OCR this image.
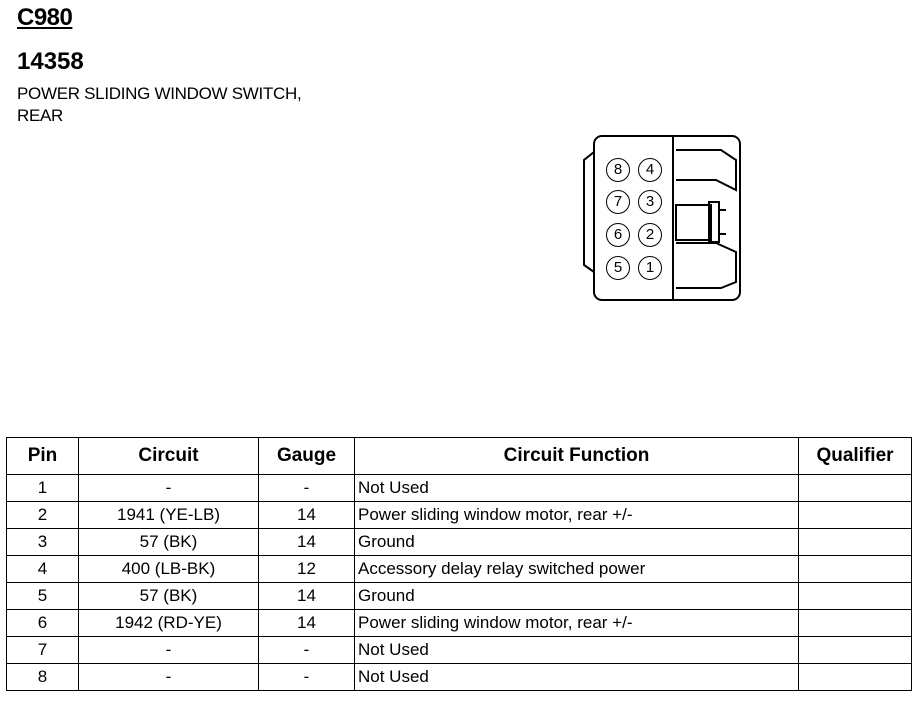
C980
14358
POWER SLIDING WINDOW SWITCH,
REAR
8
7
6
5
4
3
2
1
Pin	Circuit	Gauge	Circuit Function	Qualifier
1	-	-	Not Used	
2	1941 (YE-LB)	14	Power sliding window motor, rear +/-	
3	57 (BK)	14	Ground	
4	400 (LB-BK)	12	Accessory delay relay switched power	
5	57 (BK)	14	Ground	
6	1942 (RD-YE)	14	Power sliding window motor, rear +/-	
7	-	-	Not Used	
8	-	-	Not Used	
